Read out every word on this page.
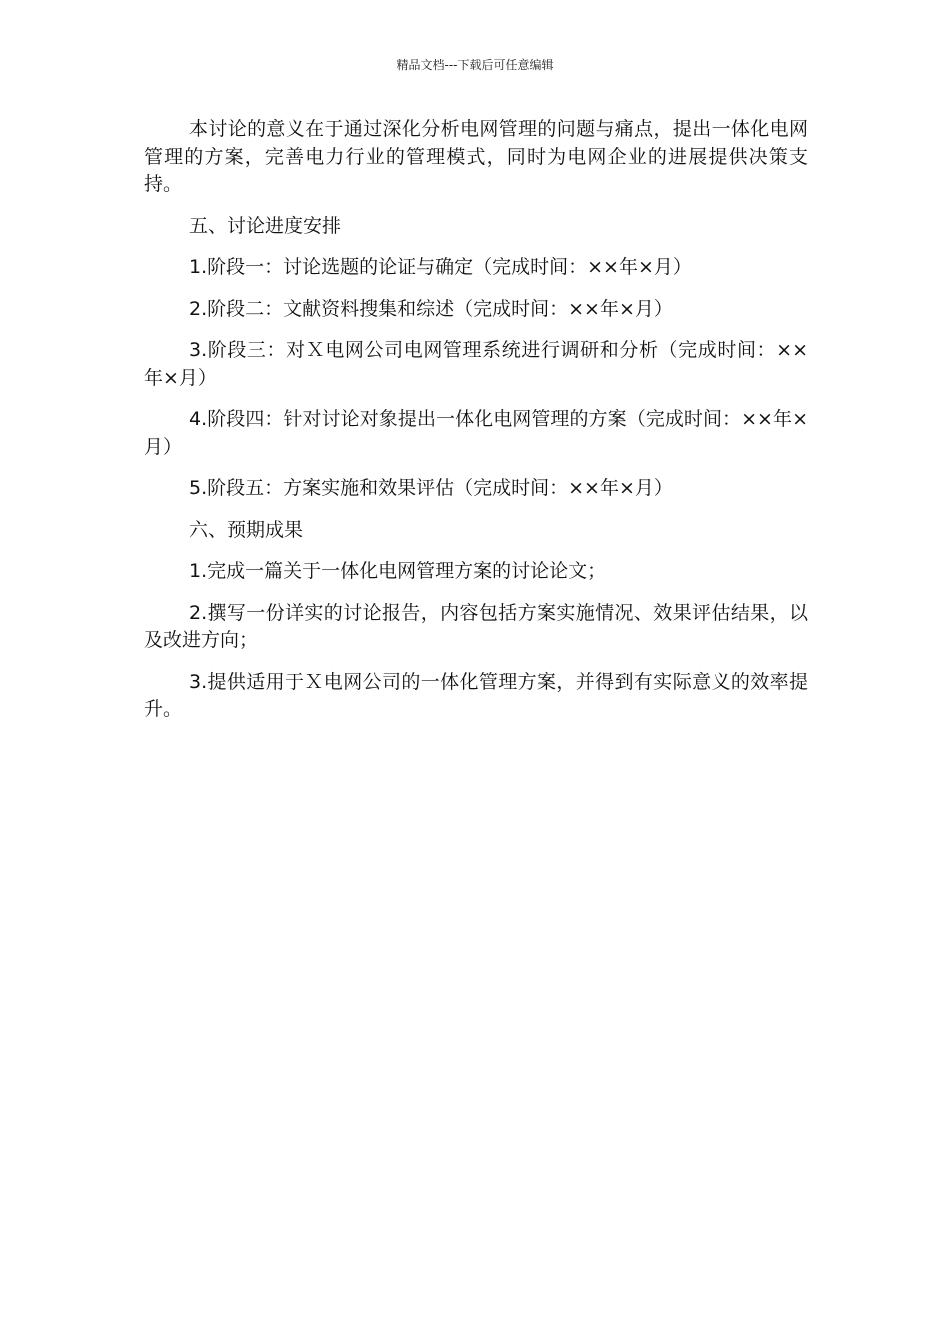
精品文档---下载后可任意编辑

本讨论的意义在于通过深化分析电网管理的问题与痛点，提出一体化电网管理的方案，完善电力行业的管理模式，同时为电网企业的进展提供决策支持。

五、讨论进度安排

1.阶段一：讨论选题的论证与确定（完成时间：××年×月）

2.阶段二：文献资料搜集和综述（完成时间：××年×月）

3.阶段三：对Ｘ电网公司电网管理系统进行调研和分析（完成时间：××年×月）

4.阶段四：针对讨论对象提出一体化电网管理的方案（完成时间：××年×月）

5.阶段五：方案实施和效果评估（完成时间：××年×月）

六、预期成果

1.完成一篇关于一体化电网管理方案的讨论论文；

2.撰写一份详实的讨论报告，内容包括方案实施情况、效果评估结果，以及改进方向；

3.提供适用于Ｘ电网公司的一体化管理方案，并得到有实际意义的效率提升。
